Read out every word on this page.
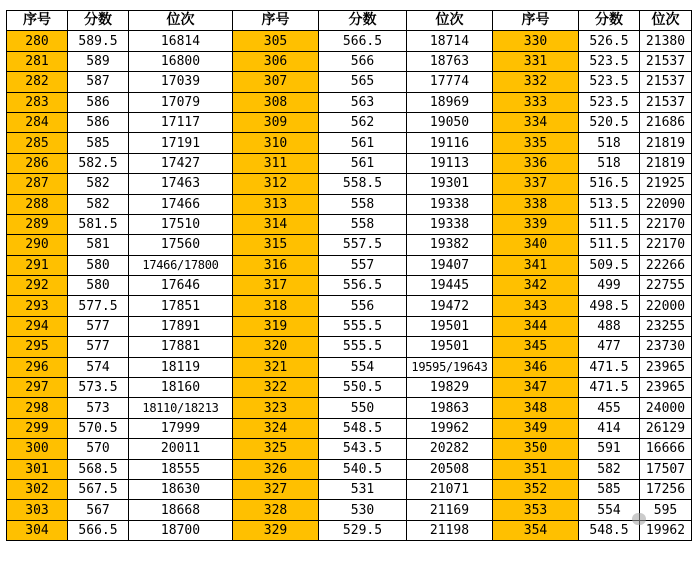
序号	分数	位次	序号	分数	位次	序号	分数	位次
280	589.5	16814	305	566.5	18714	330	526.5	21380
281	589	16800	306	566	18763	331	523.5	21537
282	587	17039	307	565	17774	332	523.5	21537
283	586	17079	308	563	18969	333	523.5	21537
284	586	17117	309	562	19050	334	520.5	21686
285	585	17191	310	561	19116	335	518	21819
286	582.5	17427	311	561	19113	336	518	21819
287	582	17463	312	558.5	19301	337	516.5	21925
288	582	17466	313	558	19338	338	513.5	22090
289	581.5	17510	314	558	19338	339	511.5	22170
290	581	17560	315	557.5	19382	340	511.5	22170
291	580	17466/17800	316	557	19407	341	509.5	22266
292	580	17646	317	556.5	19445	342	499	22755
293	577.5	17851	318	556	19472	343	498.5	22000
294	577	17891	319	555.5	19501	344	488	23255
295	577	17881	320	555.5	19501	345	477	23730
296	574	18119	321	554	19595/19643	346	471.5	23965
297	573.5	18160	322	550.5	19829	347	471.5	23965
298	573	18110/18213	323	550	19863	348	455	24000
299	570.5	17999	324	548.5	19962	349	414	26129
300	570	20011	325	543.5	20282	350	591	16666
301	568.5	18555	326	540.5	20508	351	582	17507
302	567.5	18630	327	531	21071	352	585	17256
303	567	18668	328	530	21169	353	554	595
304	566.5	18700	329	529.5	21198	354	548.5	19962
